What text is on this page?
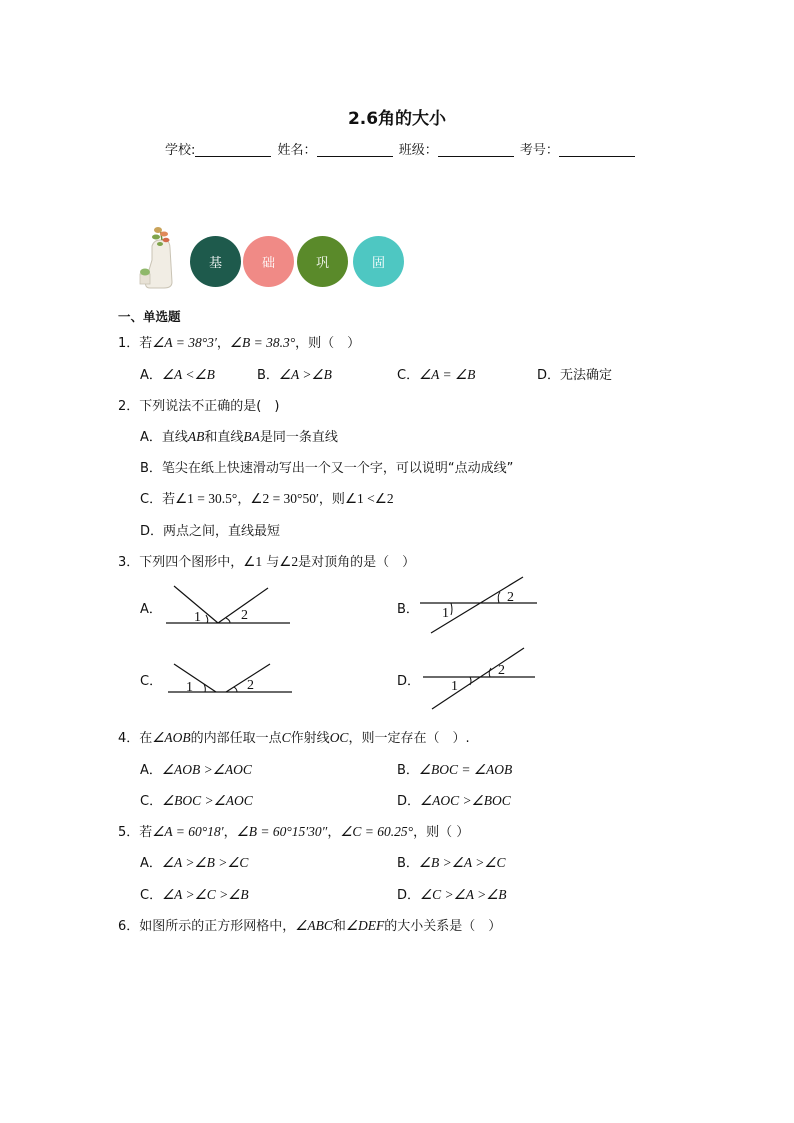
2.6角的大小
学校:	姓名：	班级：	考号：
基	础	巩	固
一、单选题
1．若∠A = 38°3′，∠B = 38.3°，则（　）
A．∠A <∠B	B．∠A >∠B	C．∠A = ∠B	D．无法确定
2．下列说法不正确的是(　)
A．直线AB和直线BA是同一条直线
B．笔尖在纸上快速滑动写出一个又一个字，可以说明“点动成线”
C．若∠1 = 30.5°，∠2 = 30°50′，则∠1 <∠2
D．两点之间，直线最短
3．下列四个图形中，∠1 与∠2是对顶角的是（　）
A．
1	2	B． 1
2
C． 1	2	D． 1
2
4．在∠AOB的内部任取一点C作射线OC，则一定存在（　）.
A．∠AOB >∠AOC	B．∠BOC = ∠AOB
C．∠BOC >∠AOC	D．∠AOC >∠BOC
5．若∠A = 60°18′，∠B = 60°15′30″，∠C = 60.25°，则（ ）
A．∠A >∠B >∠C	B．∠B >∠A >∠C
C．∠A >∠C >∠B	D．∠C >∠A >∠B
6．如图所示的正方形网格中，∠ABC和∠DEF的大小关系是（　）
